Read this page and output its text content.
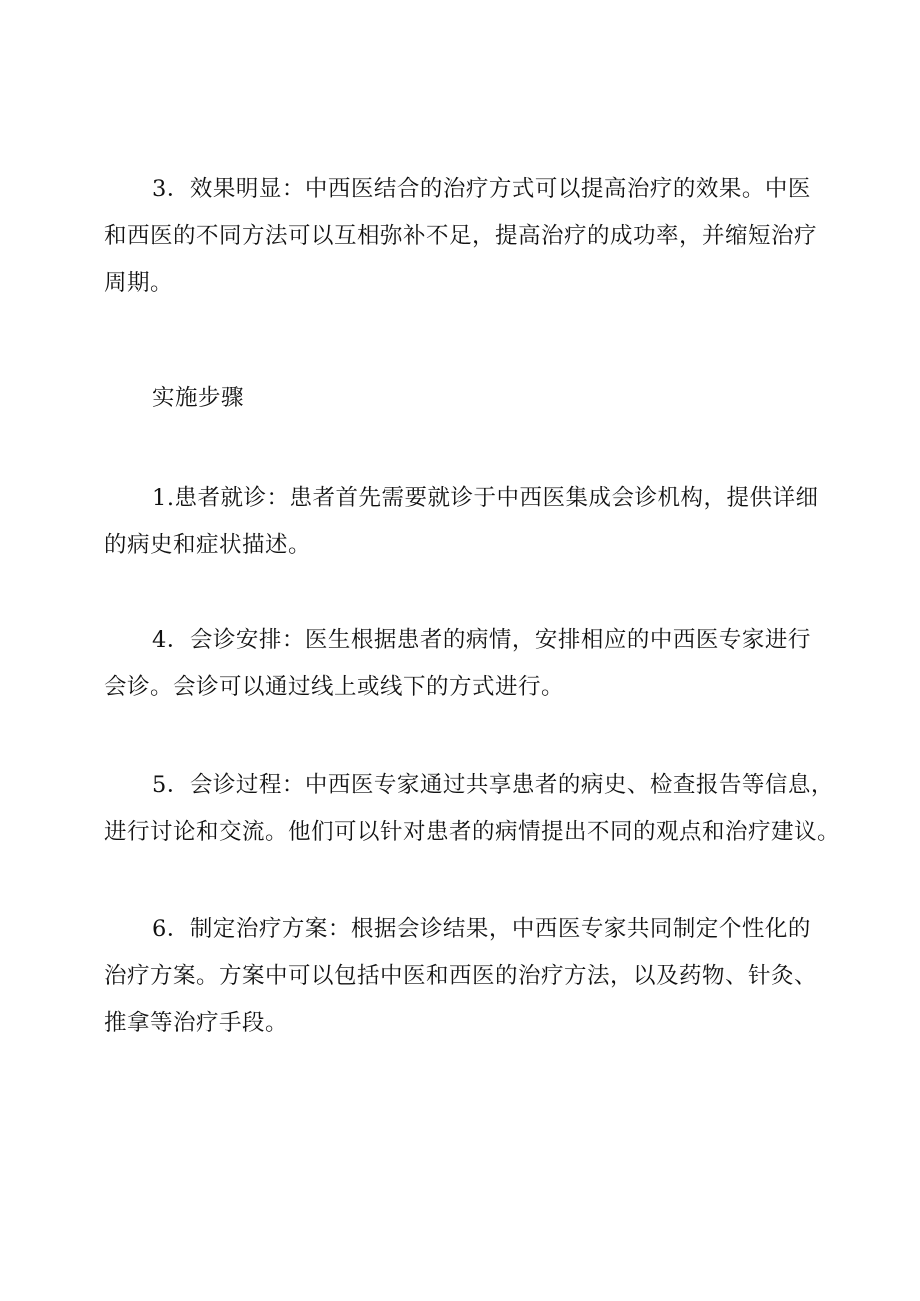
3．效果明显：中西医结合的治疗方式可以提高治疗的效果。中医
和西医的不同方法可以互相弥补不足，提高治疗的成功率，并缩短治疗
周期。
实施步骤
1.患者就诊：患者首先需要就诊于中西医集成会诊机构，提供详细
的病史和症状描述。
4．会诊安排：医生根据患者的病情，安排相应的中西医专家进行
会诊。会诊可以通过线上或线下的方式进行。
5．会诊过程：中西医专家通过共享患者的病史、检查报告等信息，
进行讨论和交流。他们可以针对患者的病情提出不同的观点和治疗建议。
6．制定治疗方案：根据会诊结果，中西医专家共同制定个性化的
治疗方案。方案中可以包括中医和西医的治疗方法，以及药物、针灸、
推拿等治疗手段。
